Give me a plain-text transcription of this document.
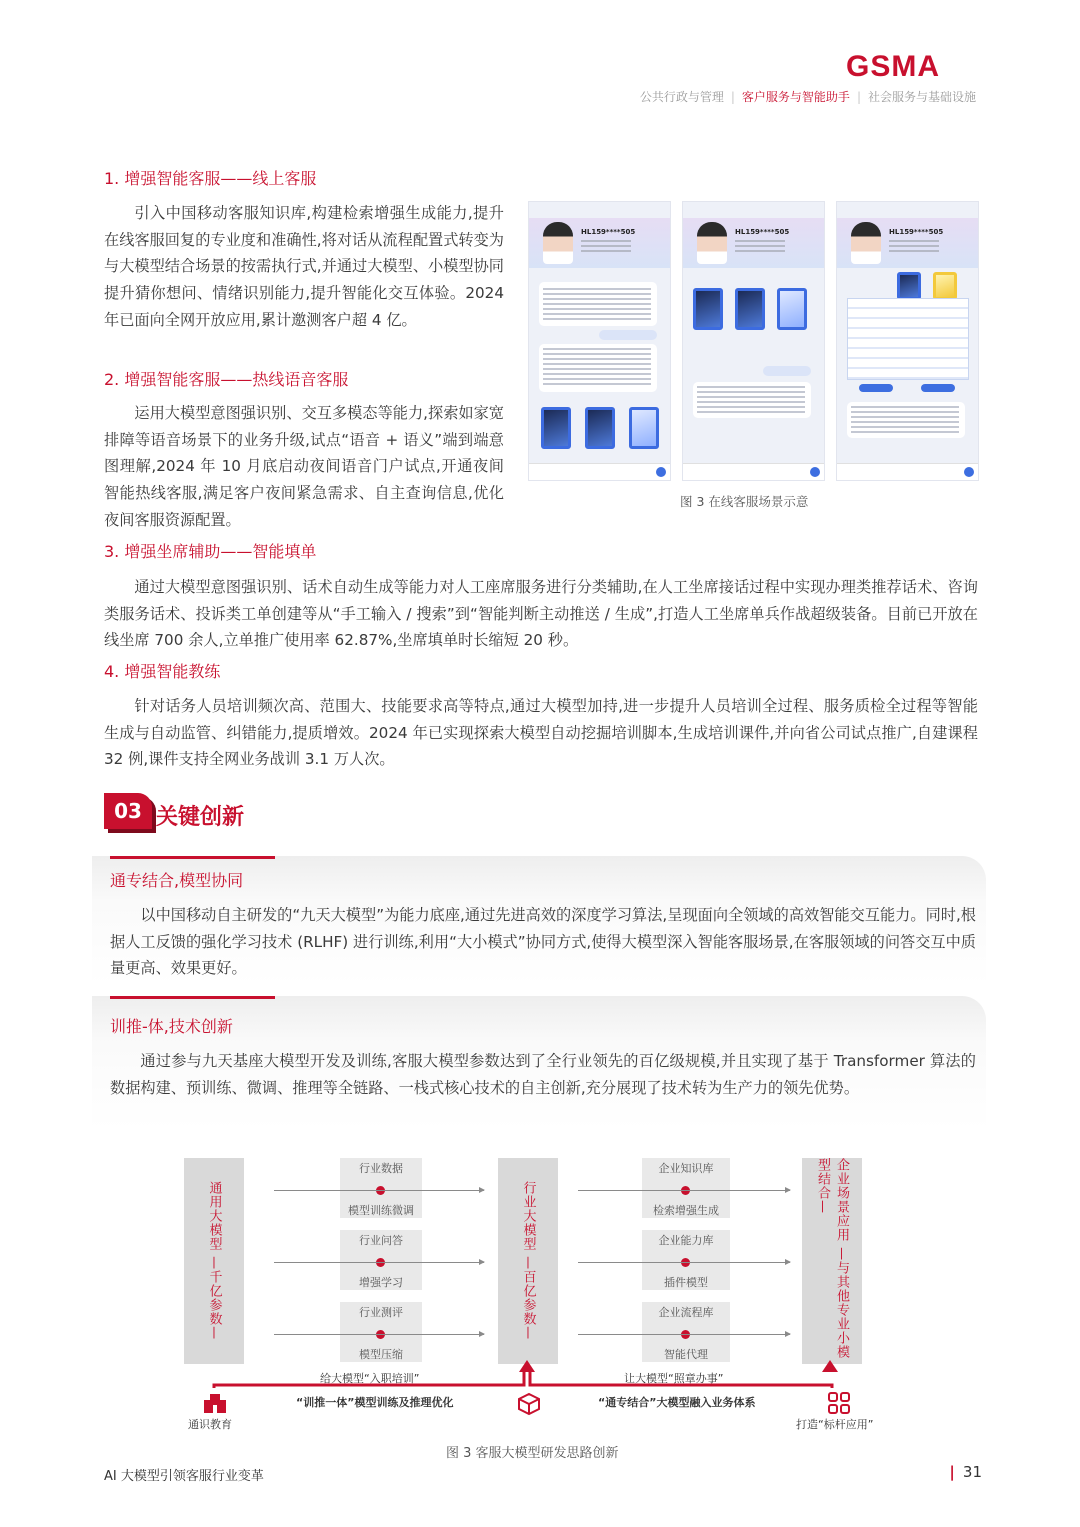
GSMA
公共行政与管理 | 客户服务与智能助手 | 社会服务与基础设施
1. 增强智能客服——线上客服
引入中国移动客服知识库,构建检索增强生成能力,提升在线客服回复的专业度和准确性,将对话从流程配置式转变为与大模型结合场景的按需执行式,并通过大模型、小模型协同提升猜你想问、情绪识别能力,提升智能化交互体验。2024 年已面向全网开放应用,累计邀测客户超 4 亿。
2. 增强智能客服——热线语音客服
运用大模型意图强识别、交互多模态等能力,探索如家宽排障等语音场景下的业务升级,试点“语音 + 语义”端到端意图理解,2024 年 10 月底启动夜间语音门户试点,开通夜间智能热线客服,满足客户夜间紧急需求、自主查询信息,优化夜间客服资源配置。
HL159****505	HL159****505	HL159****505
图 3 在线客服场景示意
3. 增强坐席辅助——智能填单
通过大模型意图强识别、话术自动生成等能力对人工座席服务进行分类辅助,在人工坐席接话过程中实现办理类推荐话术、咨询类服务话术、投诉类工单创建等从“手工输入 / 搜索”到“智能判断主动推送 / 生成”,打造人工坐席单兵作战超级装备。目前已开放在线坐席 700 余人,立单推广使用率 62.87%,坐席填单时长缩短 20 秒。
4. 增强智能教练
针对话务人员培训频次高、范围大、技能要求高等特点,通过大模型加持,进一步提升人员培训全过程、服务质检全过程等智能生成与自动监管、纠错能力,提质增效。2024 年已实现探索大模型自动挖掘培训脚本,生成培训课件,并向省公司试点推广,自建课程 32 例,课件支持全网业务战训 3.1 万人次。
03 关键创新
通专结合,模型协同
以中国移动自主研发的“九天大模型”为能力底座,通过先进高效的深度学习算法,呈现面向全领域的高效智能交互能力。同时,根据人工反馈的强化学习技术 (RLHF) 进行训练,利用“大小模式”协同方式,使得大模型深入智能客服场景,在客服领域的问答交互中质量更高、效果更好。
训推-体,技术创新
通过参与九天基座大模型开发及训练,客服大模型参数达到了全行业领先的百亿级规模,并且实现了基于 Transformer 算法的数据构建、预训练、微调、推理等全链路、一栈式核心技术的自主创新,充分展现了技术转为生产力的领先优势。
通用大模型 —千亿参数—	行业大模型 —百亿参数—	企业场景应用 —与其他专业小模型结合—
行业数据
模型训练微调
行业问答
增强学习
行业测评
模型压缩
企业知识库
检索增强生成
企业能力库
插件模型
企业流程库
智能代理
给大模型“入职培训”
“训推一体”模型训练及推理优化
让大模型“照章办事”
“通专结合”大模型融入业务体系
通识教育	打造“标杆应用”
图 3 客服大模型研发思路创新
AI 大模型引领客服行业变革	| 31
